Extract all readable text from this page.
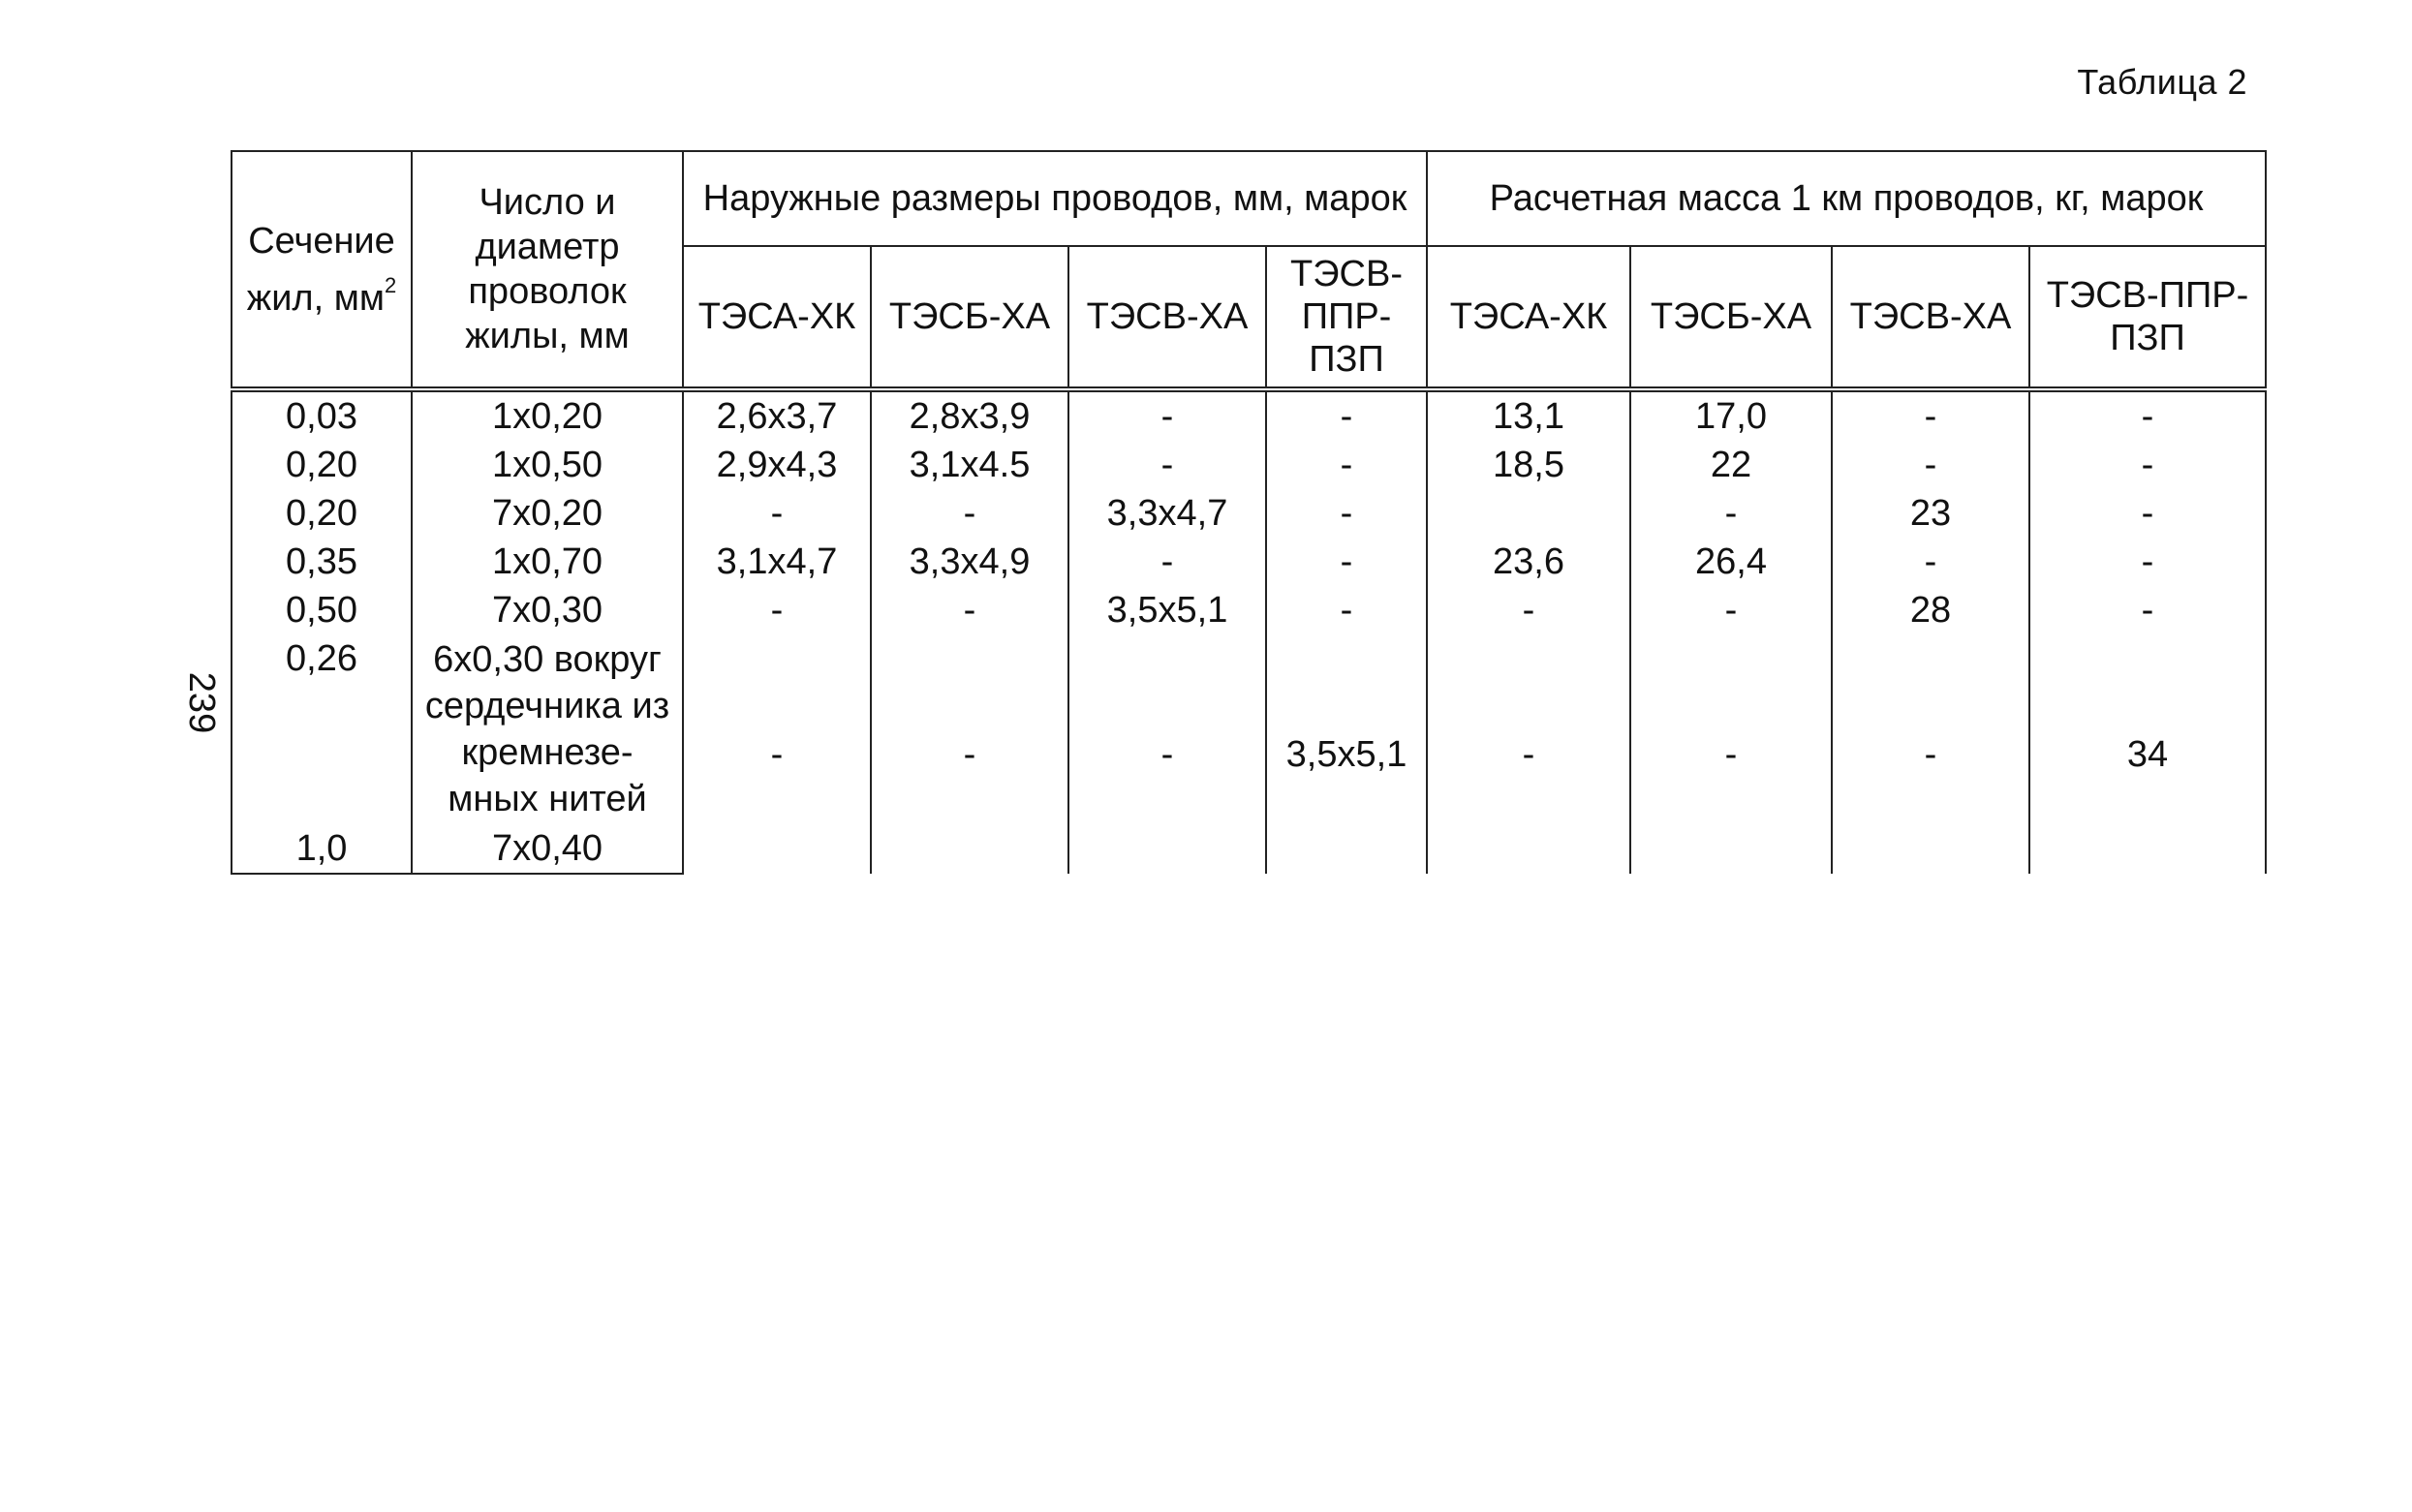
Таблица 2
239
Сечение жил, $мм^2$	Число и диаметр проволок жилы, мм	Наружные размеры проводов, мм, марок				Расчетная масса 1 км проводов, кг, марок			
		ТЭСА-ХК	ТЭСБ-ХА	ТЭСВ-ХА	ТЭСВ-ППР-ПЗП	ТЭСА-ХК	ТЭСБ-ХА	ТЭСВ-ХА	ТЭСВ-ППР-ПЗП
0,03	1х0,20	2,6х3,7	2,8х3,9	-	-	13,1	17,0	-	-
0,20	1х0,50	2,9х4,3	3,1х4.5	-	-	18,5	22	-	-
0,20	7х0,20	-	-	3,3х4,7	-		-	23	-
0,35	1х0,70	3,1х4,7	3,3х4,9	-	-	23,6	26,4	-	-
0,50	7х0,30	-	-	3,5х5,1	-	-	-	28	-
0,26	6х0,30 вокруг сердечника из кремнезе-мных нитей	-	-	-	3,5х5,1	-	-	-	34
1,0	7х0,40								
